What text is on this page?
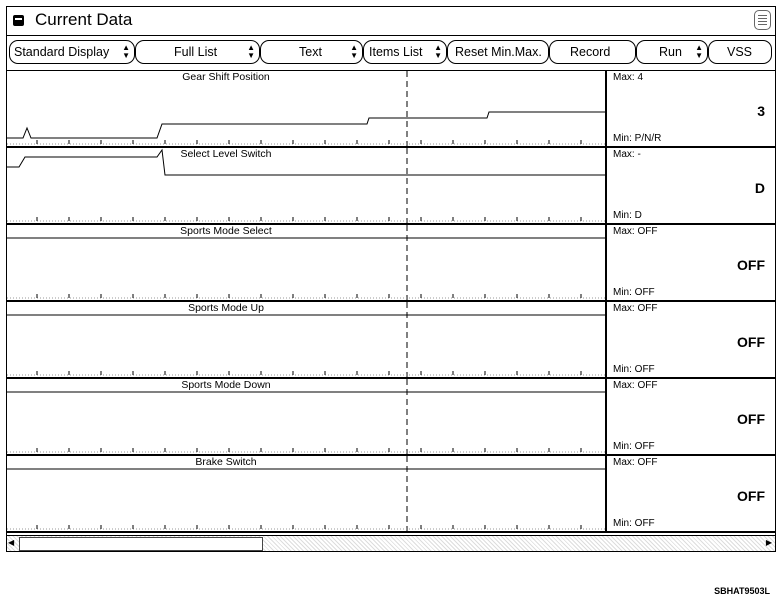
Current Data
Standard Display ▲
▼	Full List	▲
▼	Text	▲
▼ Items List ▲
▼ Reset Min.Max. Record	Run ▲
▼ VSS
Gear Shift Position	Max: 4
3
Min: P/N/R
Select Level Switch	Max: -
D
Min: D
Sports Mode Select	Max: OFF
OFF
Min: OFF
Sports Mode Up	Max: OFF
OFF
Min: OFF
Sports Mode Down	Max: OFF
OFF
Min: OFF
Brake Switch	Max: OFF
OFF
Min: OFF
◀	▶
SBHAT9503L
